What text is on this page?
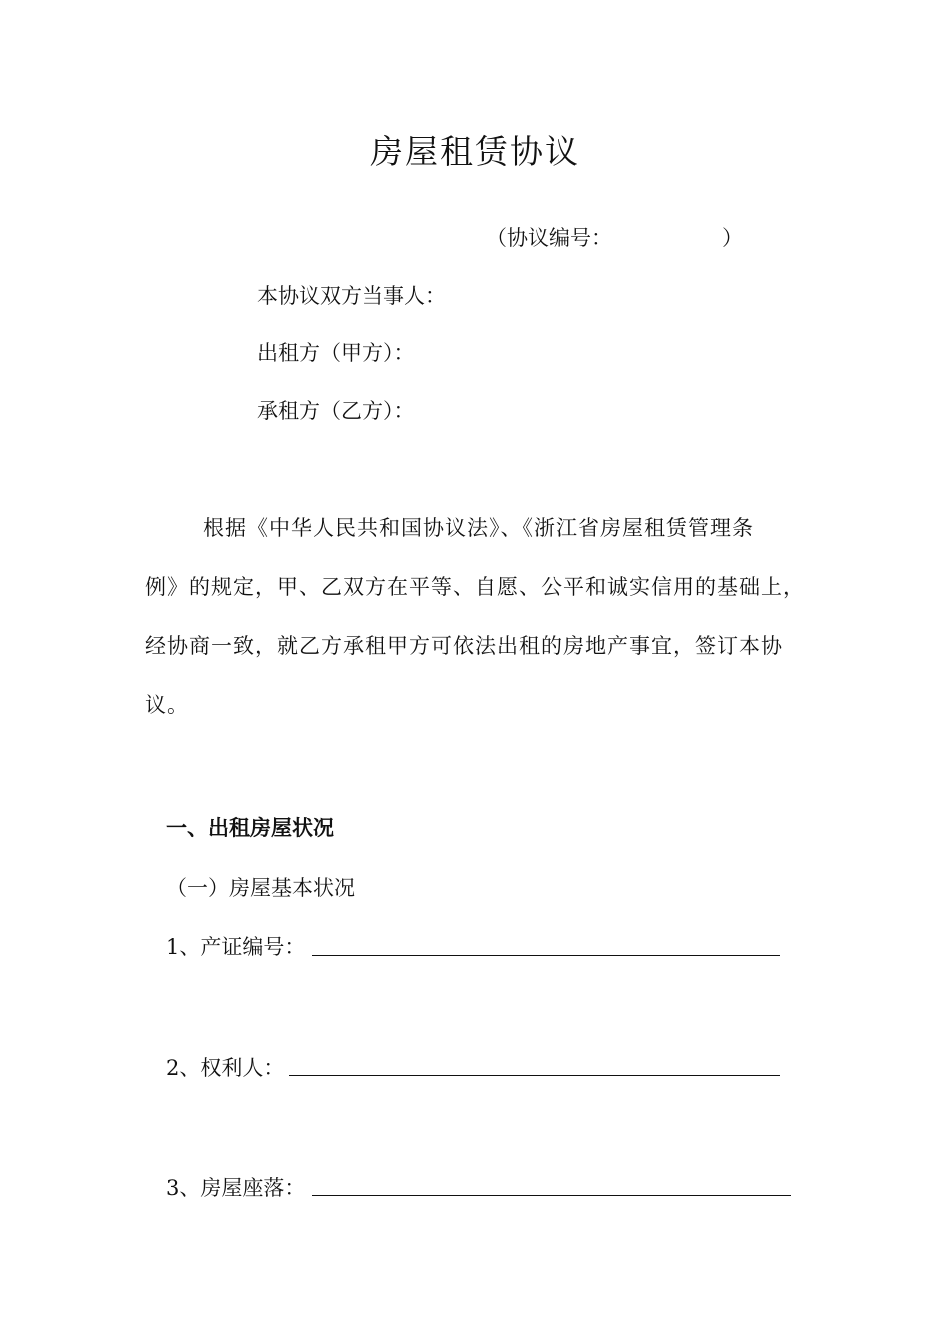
房屋租赁协议
（协议编号：	）
本协议双方当事人：
出租方（甲方）：
承租方（乙方）：
根据《中华人民共和国协议法》、《浙江省房屋租赁管理条
例》的规定，甲、乙双方在平等、自愿、公平和诚实信用的基础上，
经协商一致，就乙方承租甲方可依法出租的房地产事宜，签订本协
议。
一、出租房屋状况
（一）房屋基本状况
1、产证编号：
2、权利人：
3、房屋座落：
